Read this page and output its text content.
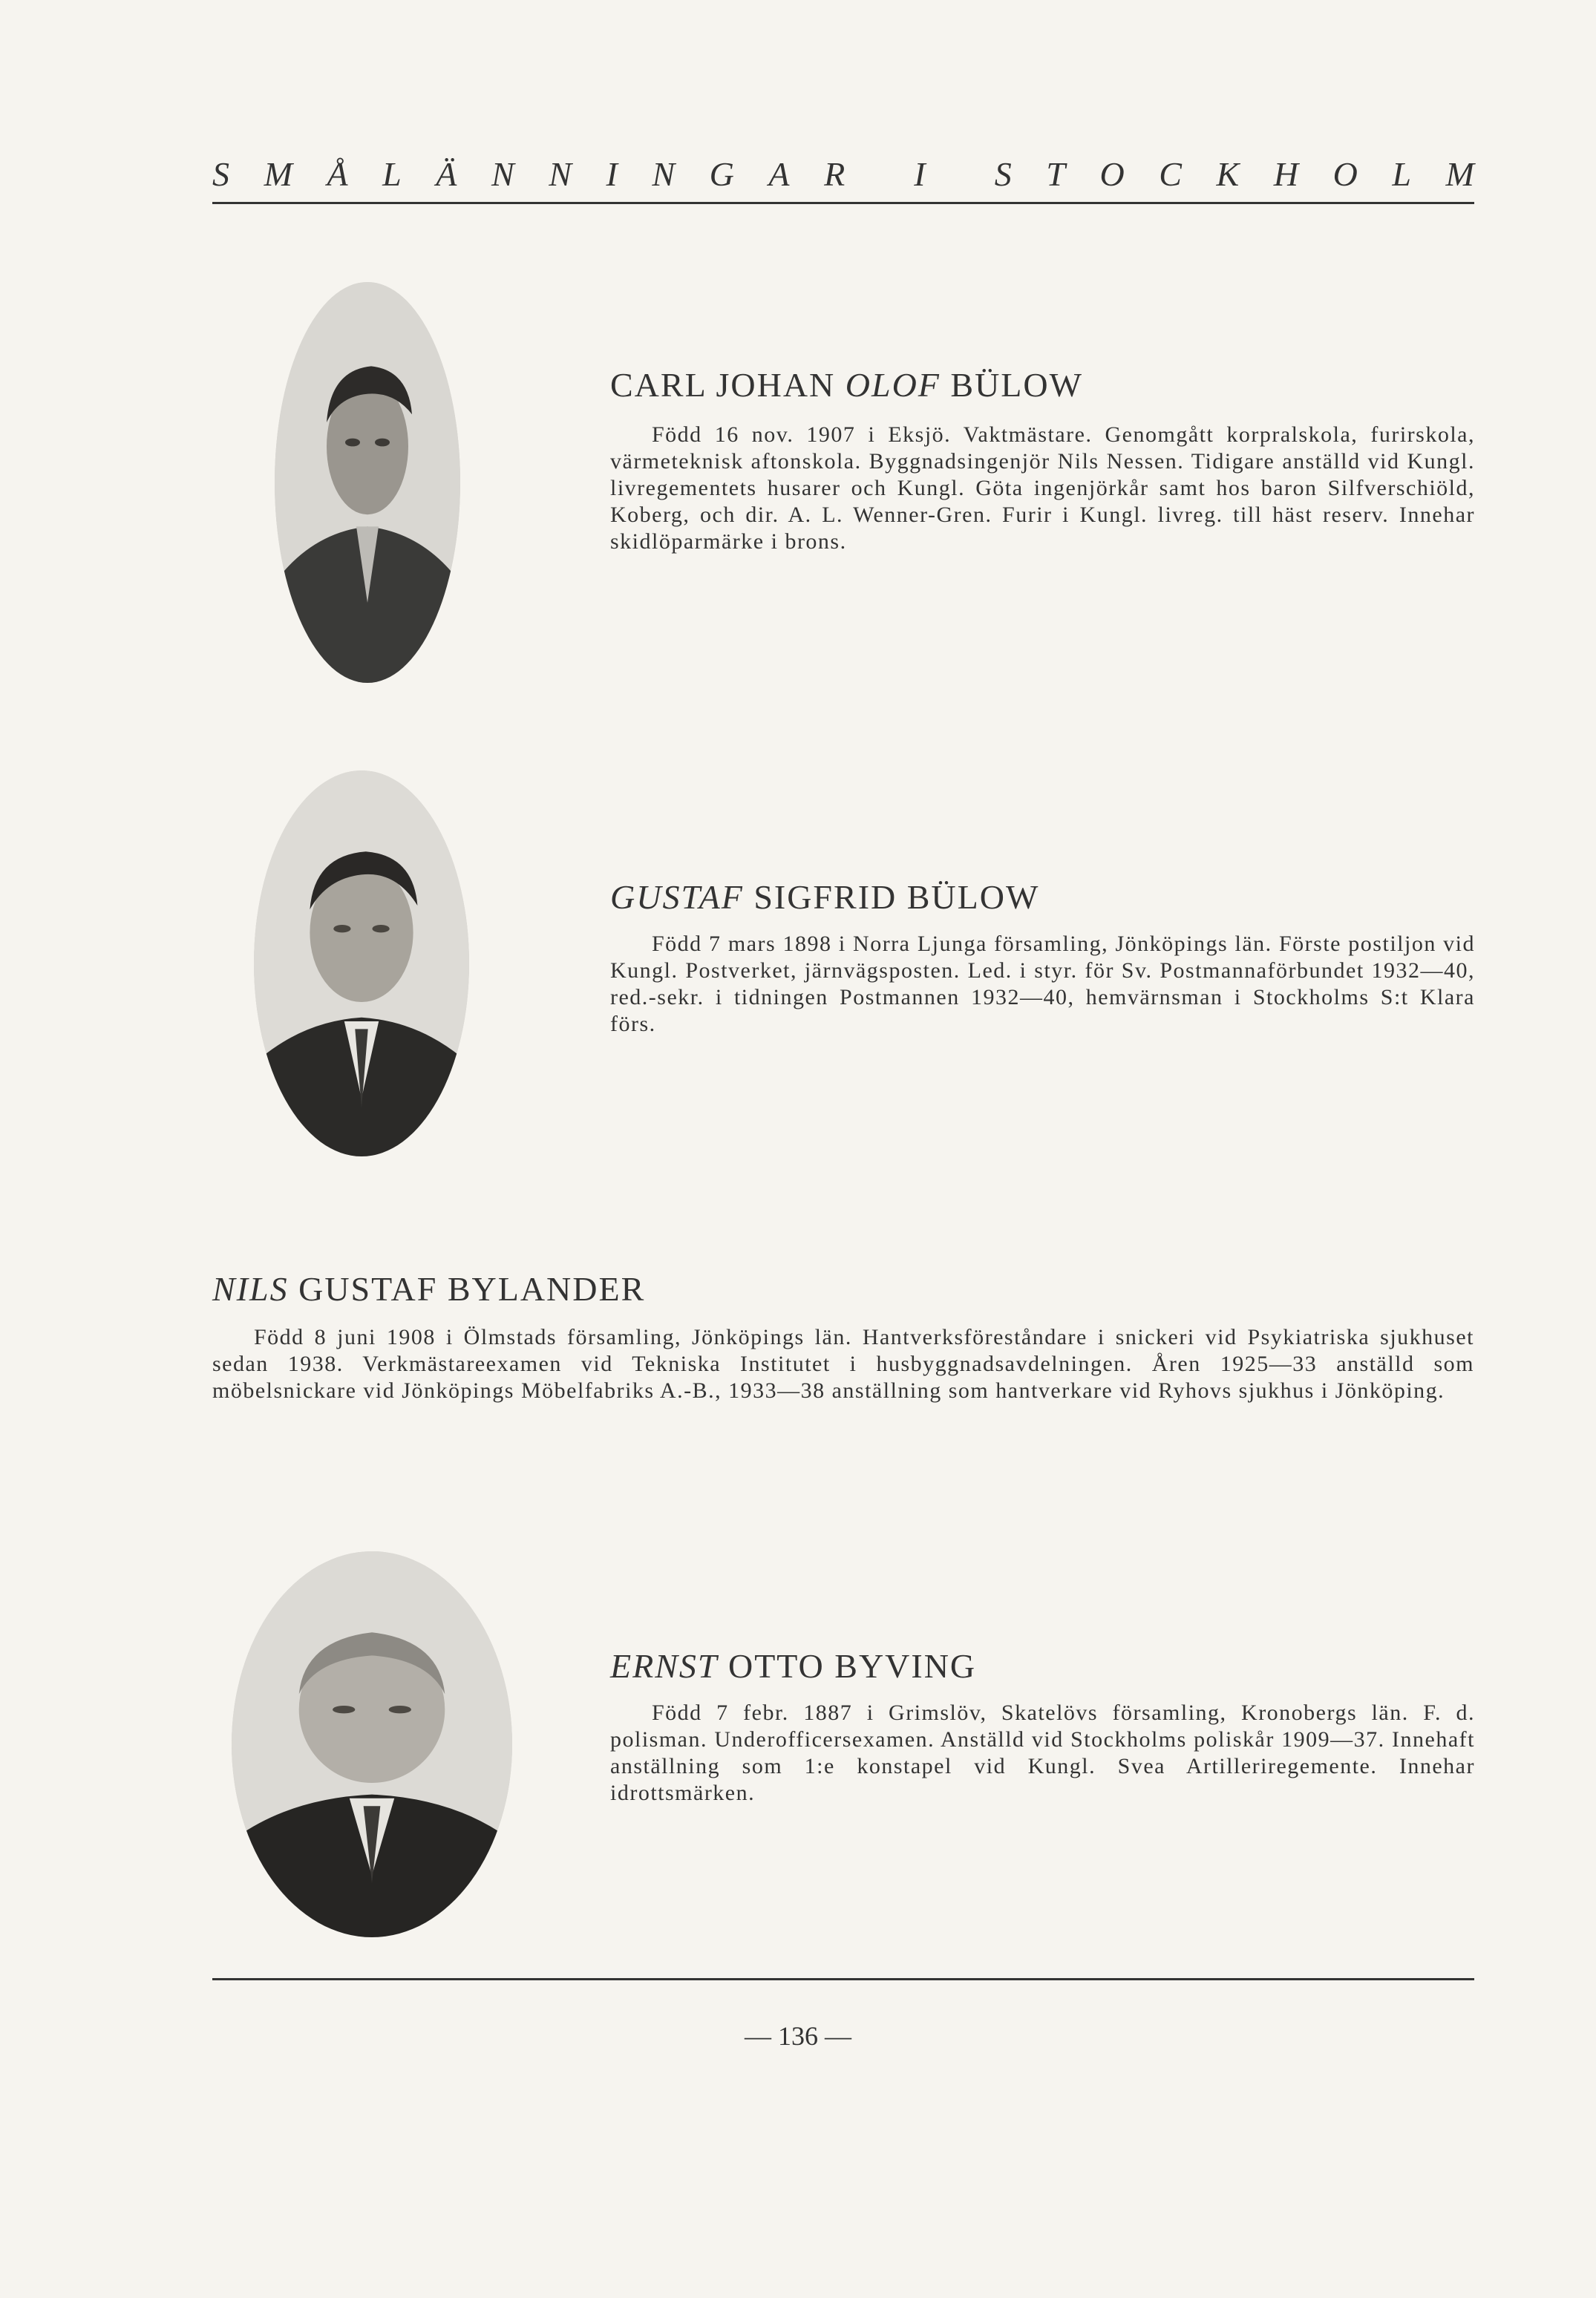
S M Å L Ä N N I N G A R I S T O C K H O L M
CARL JOHAN OLOF BÜLOW
Född 16 nov. 1907 i Eksjö. Vaktmästare. Genomgått korpralskola, furirskola, värmeteknisk aftonskola. Byggnadsingenjör Nils Nessen. Tidigare anställd vid Kungl. livregementets husarer och Kungl. Göta ingenjörkår samt hos baron Silfverschiöld, Koberg, och dir. A. L. Wenner-Gren. Furir i Kungl. livreg. till häst reserv. Innehar skidlöparmärke i brons.
GUSTAF SIGFRID BÜLOW
Född 7 mars 1898 i Norra Ljunga församling, Jönköpings län. Förste postiljon vid Kungl. Postverket, järnvägsposten. Led. i styr. för Sv. Postmannaförbundet 1932—40, red.-sekr. i tidningen Postmannen 1932—40, hemvärnsman i Stockholms S:t Klara förs.
NILS GUSTAF BYLANDER
Född 8 juni 1908 i Ölmstads församling, Jönköpings län. Hantverksföreståndare i snickeri vid Psykiatriska sjukhuset sedan 1938. Verkmästareexamen vid Tekniska Institutet i husbyggnadsavdelningen. Åren 1925—33 anställd som möbelsnickare vid Jönköpings Möbelfabriks A.-B., 1933—38 anställning som hantverkare vid Ryhovs sjukhus i Jönköping.
ERNST OTTO BYVING
Född 7 febr. 1887 i Grimslöv, Skatelövs församling, Kronobergs län. F. d. polisman. Underofficersexamen. Anställd vid Stockholms poliskår 1909—37. Innehaft anställning som 1:e konstapel vid Kungl. Svea Artilleriregemente. Innehar idrottsmärken.
— 136 —
